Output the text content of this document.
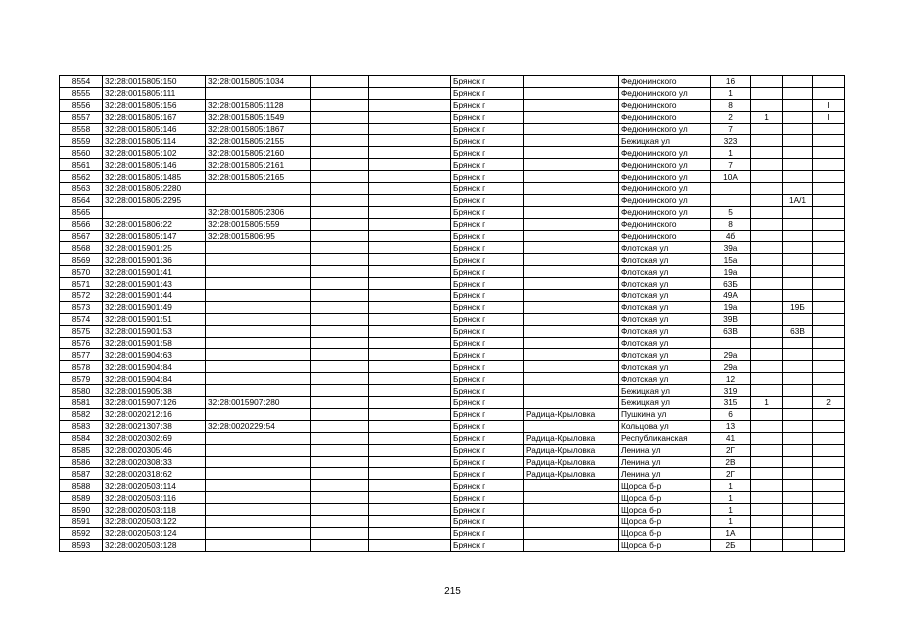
8554	32:28:0015805:150	32:28:0015805:1034			Брянск г		Федюнинского	16			
8555	32:28:0015805:111				Брянск г		Федюнинского ул	1			
8556	32:28:0015805:156	32:28:0015805:1128			Брянск г		Федюнинского	8			I
8557	32:28:0015805:167	32:28:0015805:1549			Брянск г		Федюнинского	2	1		I
8558	32:28:0015805:146	32:28:0015805:1867			Брянск г		Федюнинского ул	7			
8559	32:28:0015805:114	32:28:0015805:2155			Брянск г		Бежицкая ул	323			
8560	32:28:0015805:102	32:28:0015805:2160			Брянск г		Федюнинского ул	1			
8561	32:28:0015805:146	32:28:0015805:2161			Брянск г		Федюнинского ул	7			
8562	32:28:0015805:1485	32:28:0015805:2165			Брянск г		Федюнинского ул	10А			
8563	32:28:0015805:2280				Брянск г		Федюнинского ул				
8564	32:28:0015805:2295				Брянск г		Федюнинского ул			1А/1	
8565		32:28:0015805:2306			Брянск г		Федюнинского ул	5			
8566	32:28:0015806:22	32:28:0015805:559			Брянск г		Федюнинского	8			
8567	32:28:0015805:147	32:28:0015806:95			Брянск г		Федюнинского	4б			
8568	32:28:0015901:25				Брянск г		Флотская ул	39а			
8569	32:28:0015901:36				Брянск г		Флотская ул	15а			
8570	32:28:0015901:41				Брянск г		Флотская ул	19а			
8571	32:28:0015901:43				Брянск г		Флотская ул	63Б			
8572	32:28:0015901:44				Брянск г		Флотская ул	49А			
8573	32:28:0015901:49				Брянск г		Флотская ул	19а		19Б	
8574	32:28:0015901:51				Брянск г		Флотская ул	39В			
8575	32:28:0015901:53				Брянск г		Флотская ул	63В		63В	
8576	32:28:0015901:58				Брянск г		Флотская ул				
8577	32:28:0015904:63				Брянск г		Флотская ул	29а			
8578	32:28:0015904:84				Брянск г		Флотская ул	29а			
8579	32:28:0015904:84				Брянск г		Флотская ул	12			
8580	32:28:0015905:38				Брянск г		Бежицкая ул	319			
8581	32:28:0015907:126	32:28:0015907:280			Брянск г		Бежицкая ул	315	1		2
8582	32:28:0020212:16				Брянск г	Радица-Крыловка	Пушкина ул	6			
8583	32:28:0021307:38	32:28:0020229:54			Брянск г		Кольцова ул	13			
8584	32:28:0020302:69				Брянск г	Радица-Крыловка	Республиканская	41			
8585	32:28:0020305:46				Брянск г	Радица-Крыловка	Ленина ул	2Г			
8586	32:28:0020308:33				Брянск г	Радица-Крыловка	Ленина ул	2В			
8587	32:28:0020318:62				Брянск г	Радица-Крыловка	Ленина ул	2Г			
8588	32:28:0020503:114				Брянск г		Щорса б-р	1			
8589	32:28:0020503:116				Брянск г		Щорса б-р	1			
8590	32:28:0020503:118				Брянск г		Щорса б-р	1			
8591	32:28:0020503:122				Брянск г		Щорса б-р	1			
8592	32:28:0020503:124				Брянск г		Щорса б-р	1А			
8593	32:28:0020503:128				Брянск г		Щорса б-р	2Б			
215
